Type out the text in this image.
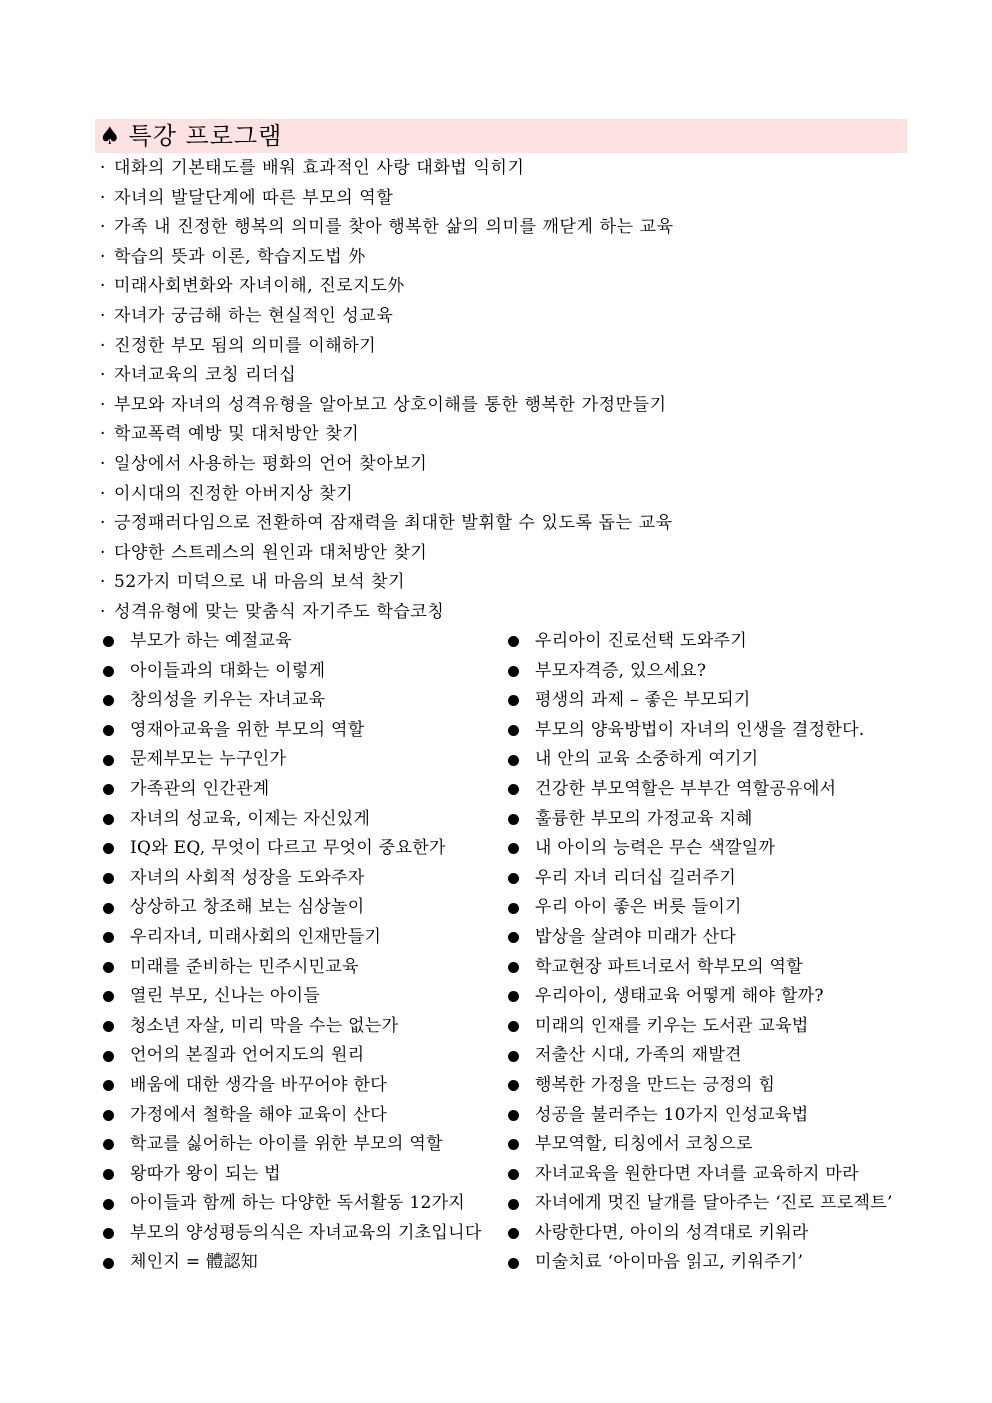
♠ 특강 프로그램
· 대화의 기본태도를 배워 효과적인 사랑 대화법 익히기
· 자녀의 발달단계에 따른 부모의 역할
· 가족 내 진정한 행복의 의미를 찾아 행복한 삶의 의미를 깨닫게 하는 교육
· 학습의 뜻과 이론, 학습지도법 外
· 미래사회변화와 자녀이해, 진로지도外
· 자녀가 궁금해 하는 현실적인 성교육
· 진정한 부모 됨의 의미를 이해하기
· 자녀교육의 코칭 리더십
· 부모와 자녀의 성격유형을 알아보고 상호이해를 통한 행복한 가정만들기
· 학교폭력 예방 및 대처방안 찾기
· 일상에서 사용하는 평화의 언어 찾아보기
· 이시대의 진정한 아버지상 찾기
· 긍정패러다임으로 전환하여 잠재력을 최대한 발휘할 수 있도록 돕는 교육
· 다양한 스트레스의 원인과 대처방안 찾기
· 52가지 미덕으로 내 마음의 보석 찾기
· 성격유형에 맞는 맞춤식 자기주도 학습코칭
부모가 하는 예절교육	우리아이 진로선택 도와주기
아이들과의 대화는 이렇게	부모자격증, 있으세요?
창의성을 키우는 자녀교육	평생의 과제 – 좋은 부모되기
영재아교육을 위한 부모의 역할	부모의 양육방법이 자녀의 인생을 결정한다.
문제부모는 누구인가	내 안의 교육 소중하게 여기기
가족관의 인간관계	건강한 부모역할은 부부간 역할공유에서
자녀의 성교육, 이제는 자신있게	훌륭한 부모의 가정교육 지혜
IQ와 EQ, 무엇이 다르고 무엇이 중요한가	내 아이의 능력은 무슨 색깔일까
자녀의 사회적 성장을 도와주자	우리 자녀 리더십 길러주기
상상하고 창조해 보는 심상놀이	우리 아이 좋은 버릇 들이기
우리자녀, 미래사회의 인재만들기	밥상을 살려야 미래가 산다
미래를 준비하는 민주시민교육	학교현장 파트너로서 학부모의 역할
열린 부모, 신나는 아이들	우리아이, 생태교육 어떻게 해야 할까?
청소년 자살, 미리 막을 수는 없는가	미래의 인재를 키우는 도서관 교육법
언어의 본질과 언어지도의 원리	저출산 시대, 가족의 재발견
배움에 대한 생각을 바꾸어야 한다	행복한 가정을 만드는 긍정의 힘
가정에서 철학을 해야 교육이 산다	성공을 불러주는 10가지 인성교육법
학교를 싫어하는 아이를 위한 부모의 역할	부모역할, 티칭에서 코칭으로
왕따가 왕이 되는 법	자녀교육을 원한다면 자녀를 교육하지 마라
아이들과 함께 하는 다양한 독서활동 12가지	자녀에게 멋진 날개를 달아주는 ‘진로 프로젝트’
부모의 양성평등의식은 자녀교육의 기초입니다	사랑한다면, 아이의 성격대로 키워라
체인지 = 體認知	미술치료 ‘아이마음 읽고, 키워주기’
